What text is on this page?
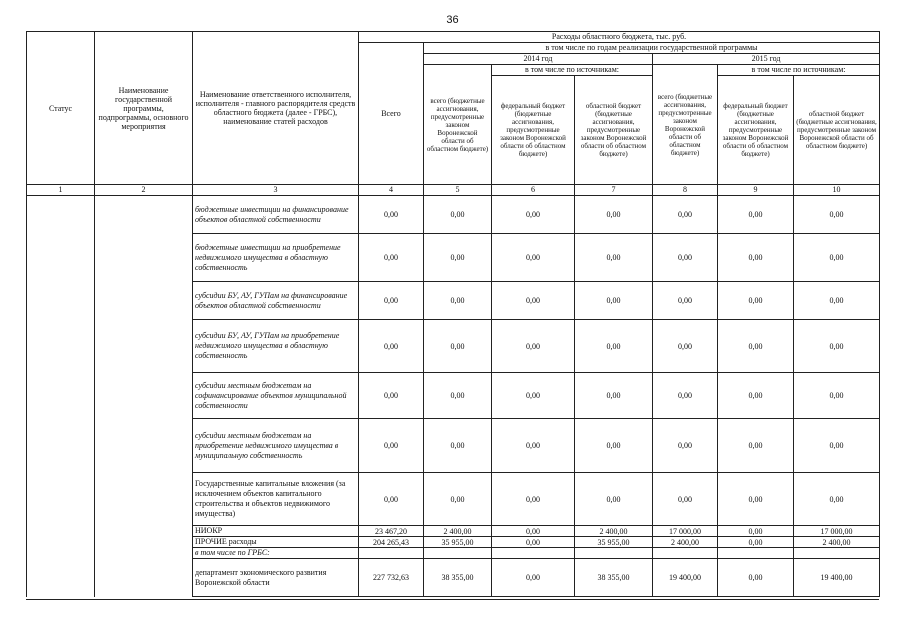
36
Статус	Наименование государственной программы, подпрограммы, основного мероприятия	Наименование ответственного исполнителя, исполнителя - главного распорядителя средств областного бюджета (далее - ГРБС), наименование статей расходов	Расходы областного бюджета, тыс. руб.						
			Всего	в том числе по годам реализации государственной программы					
				2014 год			2015 год		
				всего (бюджетные ассигнования, предусмотренные законом Воронежской области об областном бюджете)	в том числе по источникам:		всего (бюджетные ассигнования, предусмотренные законом Воронежской области об областном бюджете)	в том числе по источникам:	
					федеральный бюджет (бюджетные ассигнования, предусмотренные законом Воронежской области об областном бюджете)	областной бюджет (бюджетные ассигнования, предусмотренные законом Воронежской области об областном бюджете)		федеральный бюджет (бюджетные ассигнования, предусмотренные законом Воронежской области об областном бюджете)	областной бюджет (бюджетные ассигнования, предусмотренные законом Воронежской области об областном бюджете)
1	2	3	4	5	6	7	8	9	10
		бюджетные инвестиции на финансирование объектов областной собственности	0,00	0,00	0,00	0,00	0,00	0,00	0,00
		бюджетные инвестиции на приобретение недвижимого имущества в областную собственность	0,00	0,00	0,00	0,00	0,00	0,00	0,00
		субсидии БУ, АУ, ГУПам на финансирование объектов областной собственности	0,00	0,00	0,00	0,00	0,00	0,00	0,00
		субсидии БУ, АУ, ГУПам на приобретение недвижимого имущества в областную собственность	0,00	0,00	0,00	0,00	0,00	0,00	0,00
		субсидии местным бюджетам на софинансирование объектов муниципальной собственности	0,00	0,00	0,00	0,00	0,00	0,00	0,00
		субсидии местным бюджетам на приобретение недвижимого имущества в муниципальную собственность	0,00	0,00	0,00	0,00	0,00	0,00	0,00
		Государственные капитальные вложения (за исключением объектов капитального строительства и объектов недвижимого имущества)	0,00	0,00	0,00	0,00	0,00	0,00	0,00
		НИОКР	23 467,20	2 400,00	0,00	2 400,00	17 000,00	0,00	17 000,00
		ПРОЧИЕ расходы	204 265,43	35 955,00	0,00	35 955,00	2 400,00	0,00	2 400,00
		в том числе по ГРБС:							
		департамент экономического развития Воронежской области	227 732,63	38 355,00	0,00	38 355,00	19 400,00	0,00	19 400,00
